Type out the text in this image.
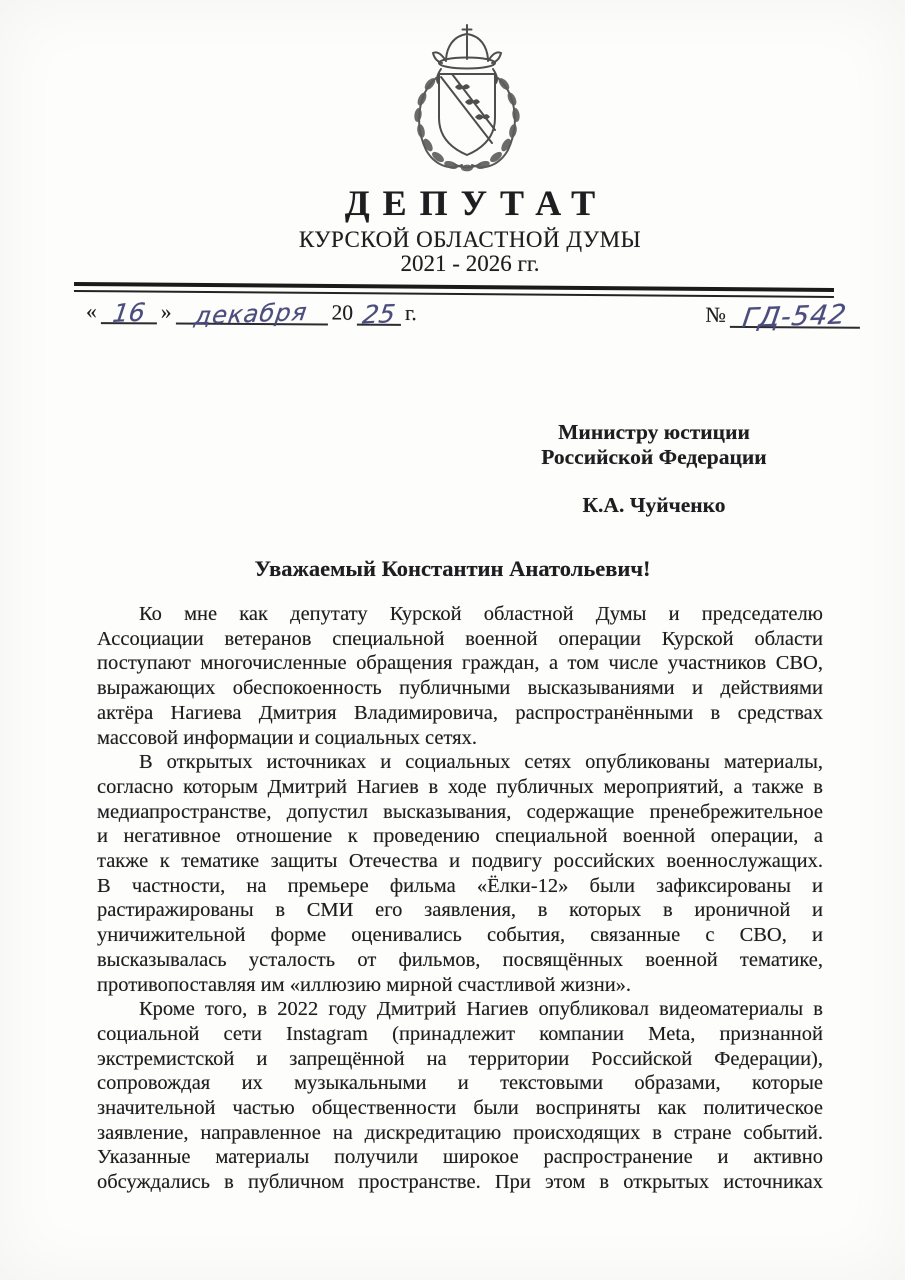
ДЕПУТАТ
КУРСКОЙ ОБЛАСТНОЙ ДУМЫ
2021 - 2026 гг.
« 16 » декабря 20 25 г.	№ ГД-542
Министру юстиции
Российской Федерации
К.А. Чуйченко
Уважаемый Константин Анатольевич!
Ко мне как депутату Курской областной Думы и председателю
Ассоциации ветеранов специальной военной операции Курской области
поступают многочисленные обращения граждан, а том числе участников СВО,
выражающих обеспокоенность публичными высказываниями и действиями
актёра Нагиева Дмитрия Владимировича, распространёнными в средствах
массовой информации и социальных сетях.
В открытых источниках и социальных сетях опубликованы материалы,
согласно которым Дмитрий Нагиев в ходе публичных мероприятий, а также в
медиапространстве, допустил высказывания, содержащие пренебрежительное
и негативное отношение к проведению специальной военной операции, а
также к тематике защиты Отечества и подвигу российских военнослужащих.
В частности, на премьере фильма «Ёлки-12» были зафиксированы и
растиражированы в СМИ его заявления, в которых в ироничной и
уничижительной форме оценивались события, связанные с СВО, и
высказывалась усталость от фильмов, посвящённых военной тематике,
противопоставляя им «иллюзию мирной счастливой жизни».
Кроме того, в 2022 году Дмитрий Нагиев опубликовал видеоматериалы в
социальной сети Instagram (принадлежит компании Meta, признанной
экстремистской и запрещённой на территории Российской Федерации),
сопровождая их музыкальными и текстовыми образами, которые
значительной частью общественности были восприняты как политическое
заявление, направленное на дискредитацию происходящих в стране событий.
Указанные материалы получили широкое распространение и активно
обсуждались в публичном пространстве. При этом в открытых источниках
